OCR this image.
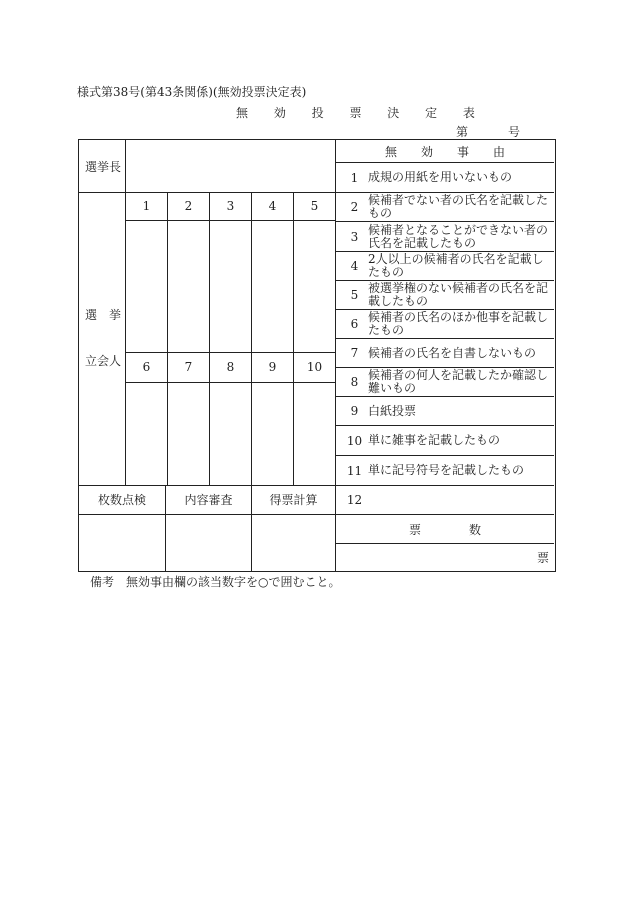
様式第38号(第43条関係)(無効投票決定表)
無 効 投 票 決 定 表
第	号
選挙長
選　挙
立会人
1	2	3	4	5
6	7	8	9	10
枚数点検	内容審査	得票計算
無　　効　　事　　由
1 成規の用紙を用いないもの
2 候補者でない者の氏名を記載したもの
3 候補者となることができない者の氏名を記載したもの
4 2人以上の候補者の氏名を記載したもの
5 被選挙権のない候補者の氏名を記載したもの
6 候補者の氏名のほか他事を記載したもの
7 候補者の氏名を自書しないもの
8 候補者の何人を記載したか確認し難いもの
9 白紙投票
10 単に雑事を記載したもの
11 単に記号符号を記載したもの
12
票　　　　数
票
備考　無効事由欄の該当数字を○で囲むこと。
